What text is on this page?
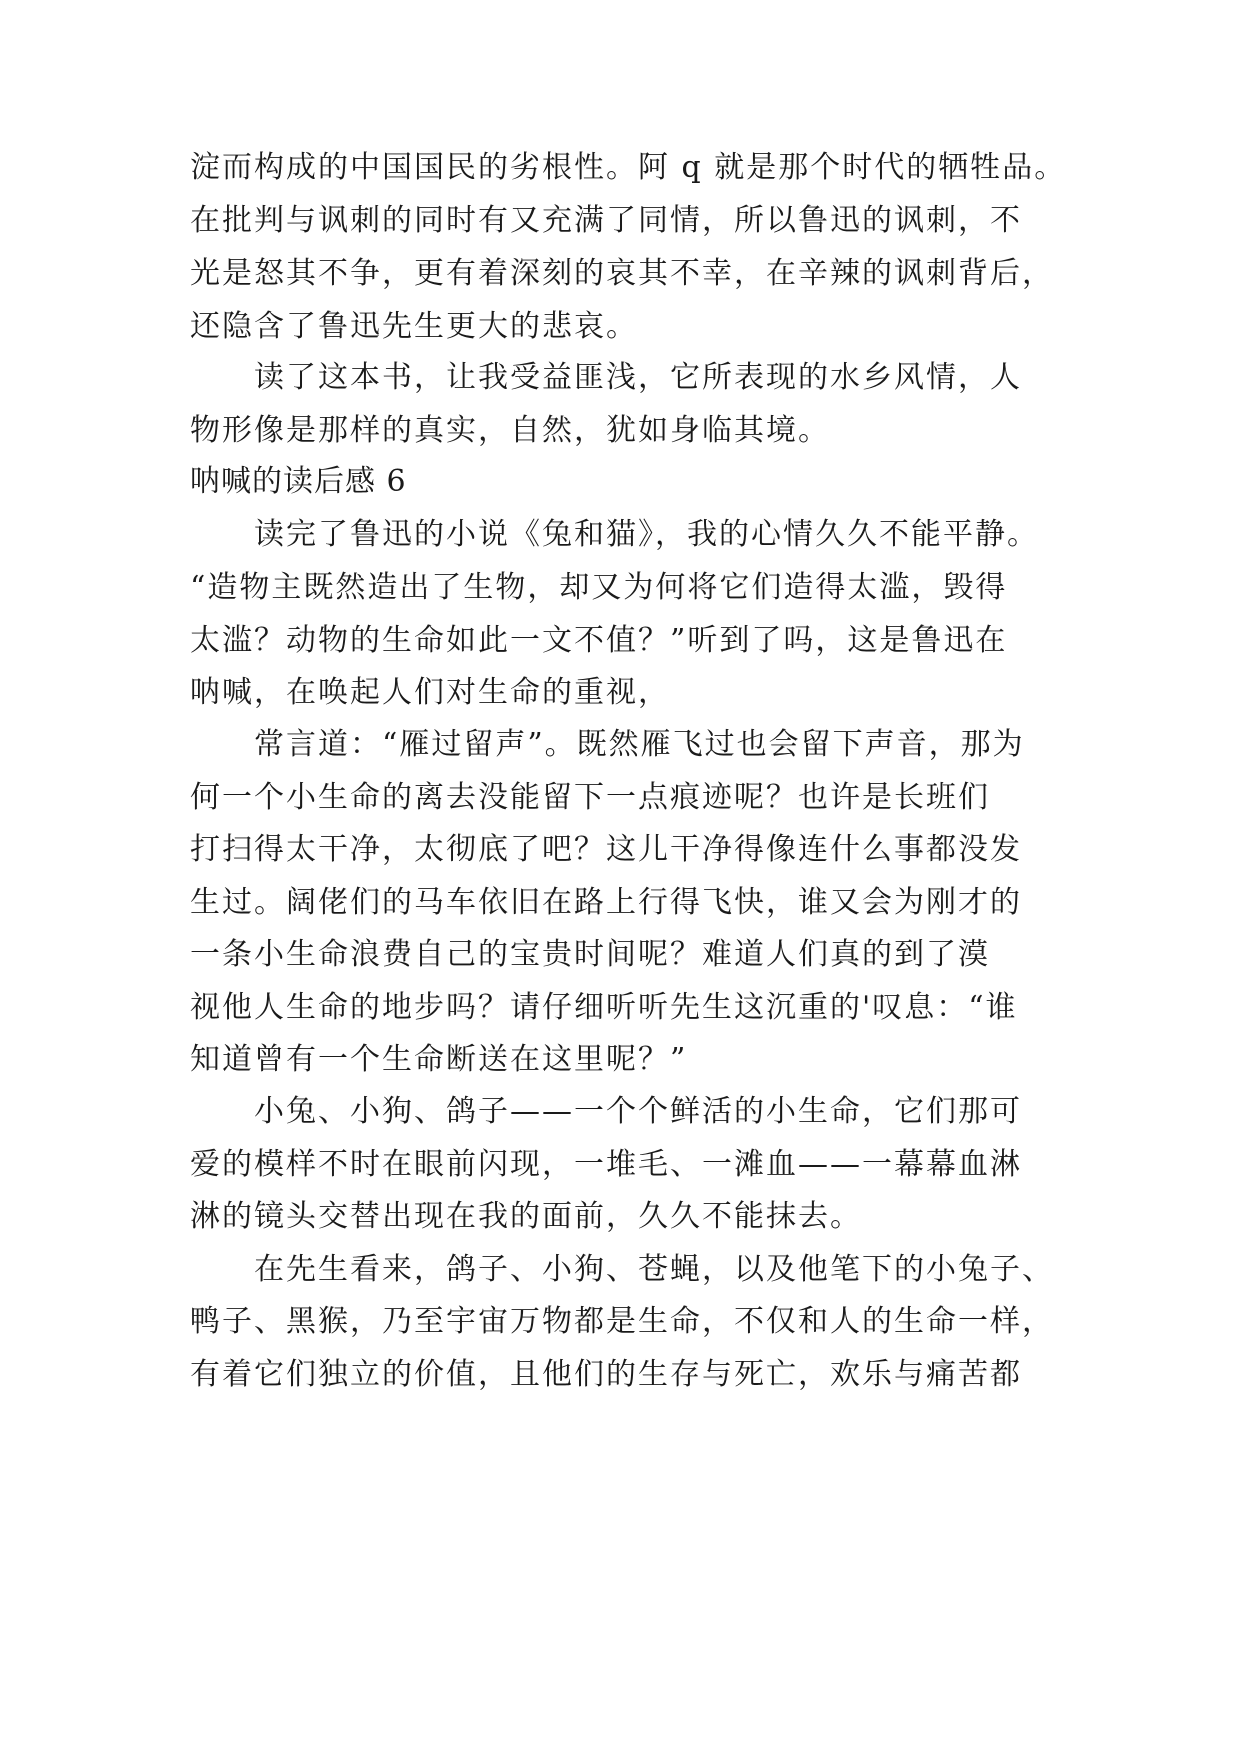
淀而构成的中国国民的劣根性。阿 q 就是那个时代的牺牲品。
在批判与讽刺的同时有又充满了同情，所以鲁迅的讽刺，不
光是怒其不争，更有着深刻的哀其不幸，在辛辣的讽刺背后，
还隐含了鲁迅先生更大的悲哀。
读了这本书，让我受益匪浅，它所表现的水乡风情，人
物形像是那样的真实，自然，犹如身临其境。
呐喊的读后感 6
读完了鲁迅的小说《兔和猫》，我的心情久久不能平静。
“造物主既然造出了生物，却又为何将它们造得太滥，毁得
太滥？动物的生命如此一文不值？”听到了吗，这是鲁迅在
呐喊，在唤起人们对生命的重视，
常言道：“雁过留声”。既然雁飞过也会留下声音，那为
何一个小生命的离去没能留下一点痕迹呢？也许是长班们
打扫得太干净，太彻底了吧？这儿干净得像连什么事都没发
生过。阔佬们的马车依旧在路上行得飞快，谁又会为刚才的
一条小生命浪费自己的宝贵时间呢？难道人们真的到了漠
视他人生命的地步吗？请仔细听听先生这沉重的'叹息：“谁
知道曾有一个生命断送在这里呢？”
小兔、小狗、鸽子——一个个鲜活的小生命，它们那可
爱的模样不时在眼前闪现，一堆毛、一滩血——一幕幕血淋
淋的镜头交替出现在我的面前，久久不能抹去。
在先生看来，鸽子、小狗、苍蝇，以及他笔下的小兔子、
鸭子、黑猴，乃至宇宙万物都是生命，不仅和人的生命一样，
有着它们独立的价值，且他们的生存与死亡，欢乐与痛苦都
